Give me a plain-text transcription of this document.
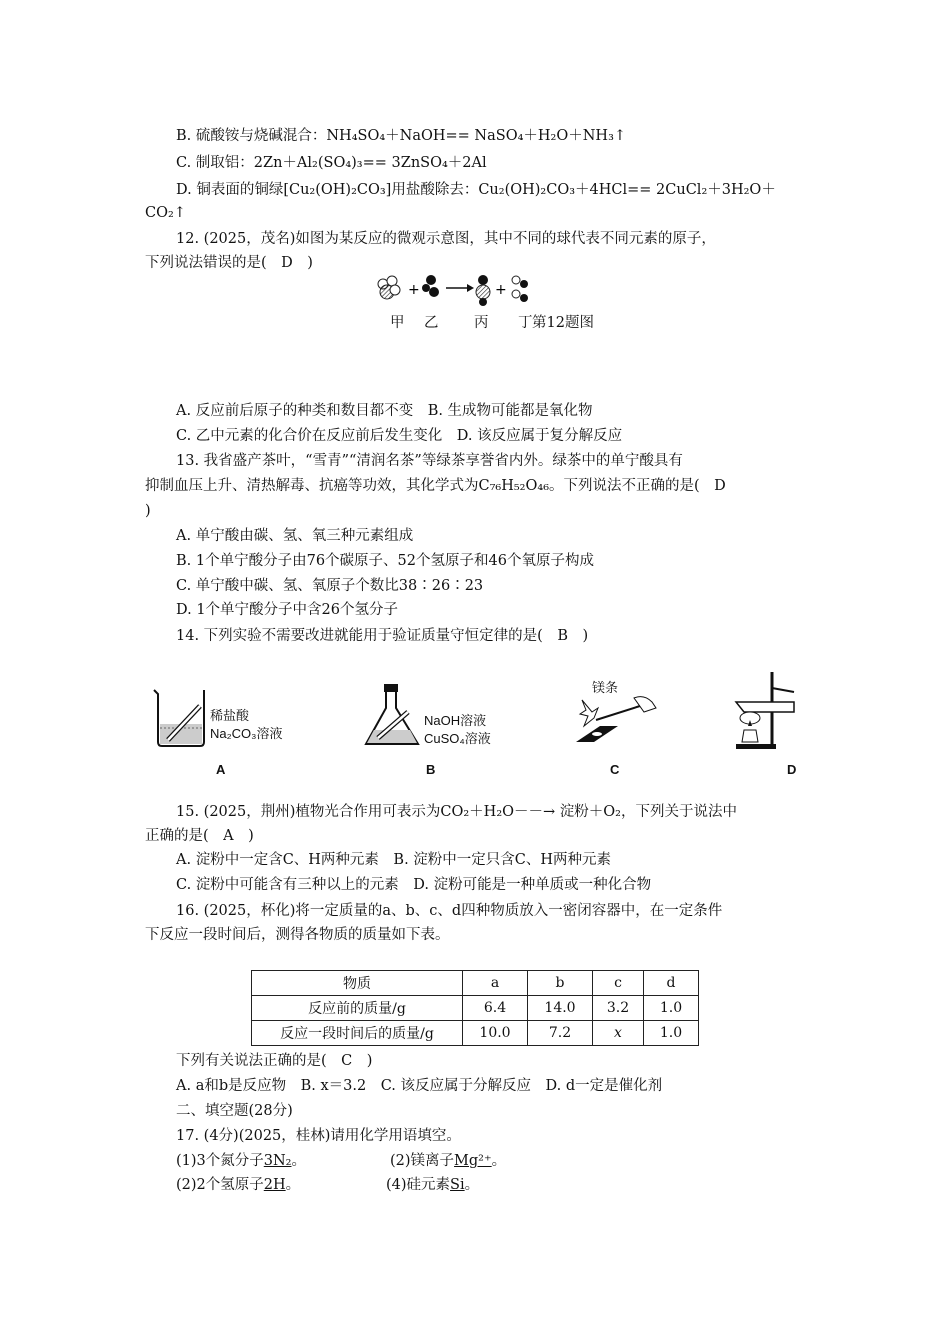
B. 硫酸铵与烧碱混合：NH₄SO₄＋NaOH== NaSO₄＋H₂O＋NH₃↑
C. 制取铝：2Zn＋Al₂(SO₄)₃== 3ZnSO₄＋2Al
D. 铜表面的铜绿[Cu₂(OH)₂CO₃]用盐酸除去：Cu₂(OH)₂CO₃＋4HCl== 2CuCl₂＋3H₂O＋
CO₂↑
12. (2025，茂名)如图为某反应的微观示意图，其中不同的球代表不同元素的原子，
下列说法错误的是(　D　)
+	+
甲 乙 丙 丁 第12题图
A. 反应前后原子的种类和数目都不变　B. 生成物可能都是氧化物
C. 乙中元素的化合价在反应前后发生变化　D. 该反应属于复分解反应
13. 我省盛产茶叶，“雪青”“清润名茶”等绿茶享誉省内外。绿茶中的单宁酸具有
抑制血压上升、清热解毒、抗癌等功效，其化学式为C₇₆H₅₂O₄₆。下列说法不正确的是(　D
)
A. 单宁酸由碳、氢、氧三种元素组成
B. 1个单宁酸分子由76个碳原子、52个氢原子和46个氧原子构成
C. 单宁酸中碳、氢、氧原子个数比38∶26∶23
D. 1个单宁酸分子中含26个氢分子
14. 下列实验不需要改进就能用于验证质量守恒定律的是(　B　)
稀盐酸
Na₂CO₃溶液
NaOH溶液
CuSO₄溶液
镁条
A	B	C	D
15. (2025，荆州)植物光合作用可表示为CO₂＋H₂O－－→ 淀粉＋O₂，下列关于说法中
正确的是(　A　)
A. 淀粉中一定含C、H两种元素　B. 淀粉中一定只含C、H两种元素
C. 淀粉中可能含有三种以上的元素　D. 淀粉可能是一种单质或一种化合物
16. (2025，杯化)将一定质量的a、b、c、d四种物质放入一密闭容器中，在一定条件
下反应一段时间后，测得各物质的质量如下表。
物质	a	b	c	d
反应前的质量/g	6.4	14.0	3.2	1.0
反应一段时间后的质量/g	10.0	7.2	x	1.0
下列有关说法正确的是(　C　)
A. a和b是反应物　B. x＝3.2　C. 该反应属于分解反应　D. d一定是催化剂
二、填空题(28分)
17. (4分)(2025，桂林)请用化学用语填空。
(1)3个氮分子3N₂。	(2)镁离子Mg²⁺。
(2)2个氢原子2H。	(4)硅元素Si。
